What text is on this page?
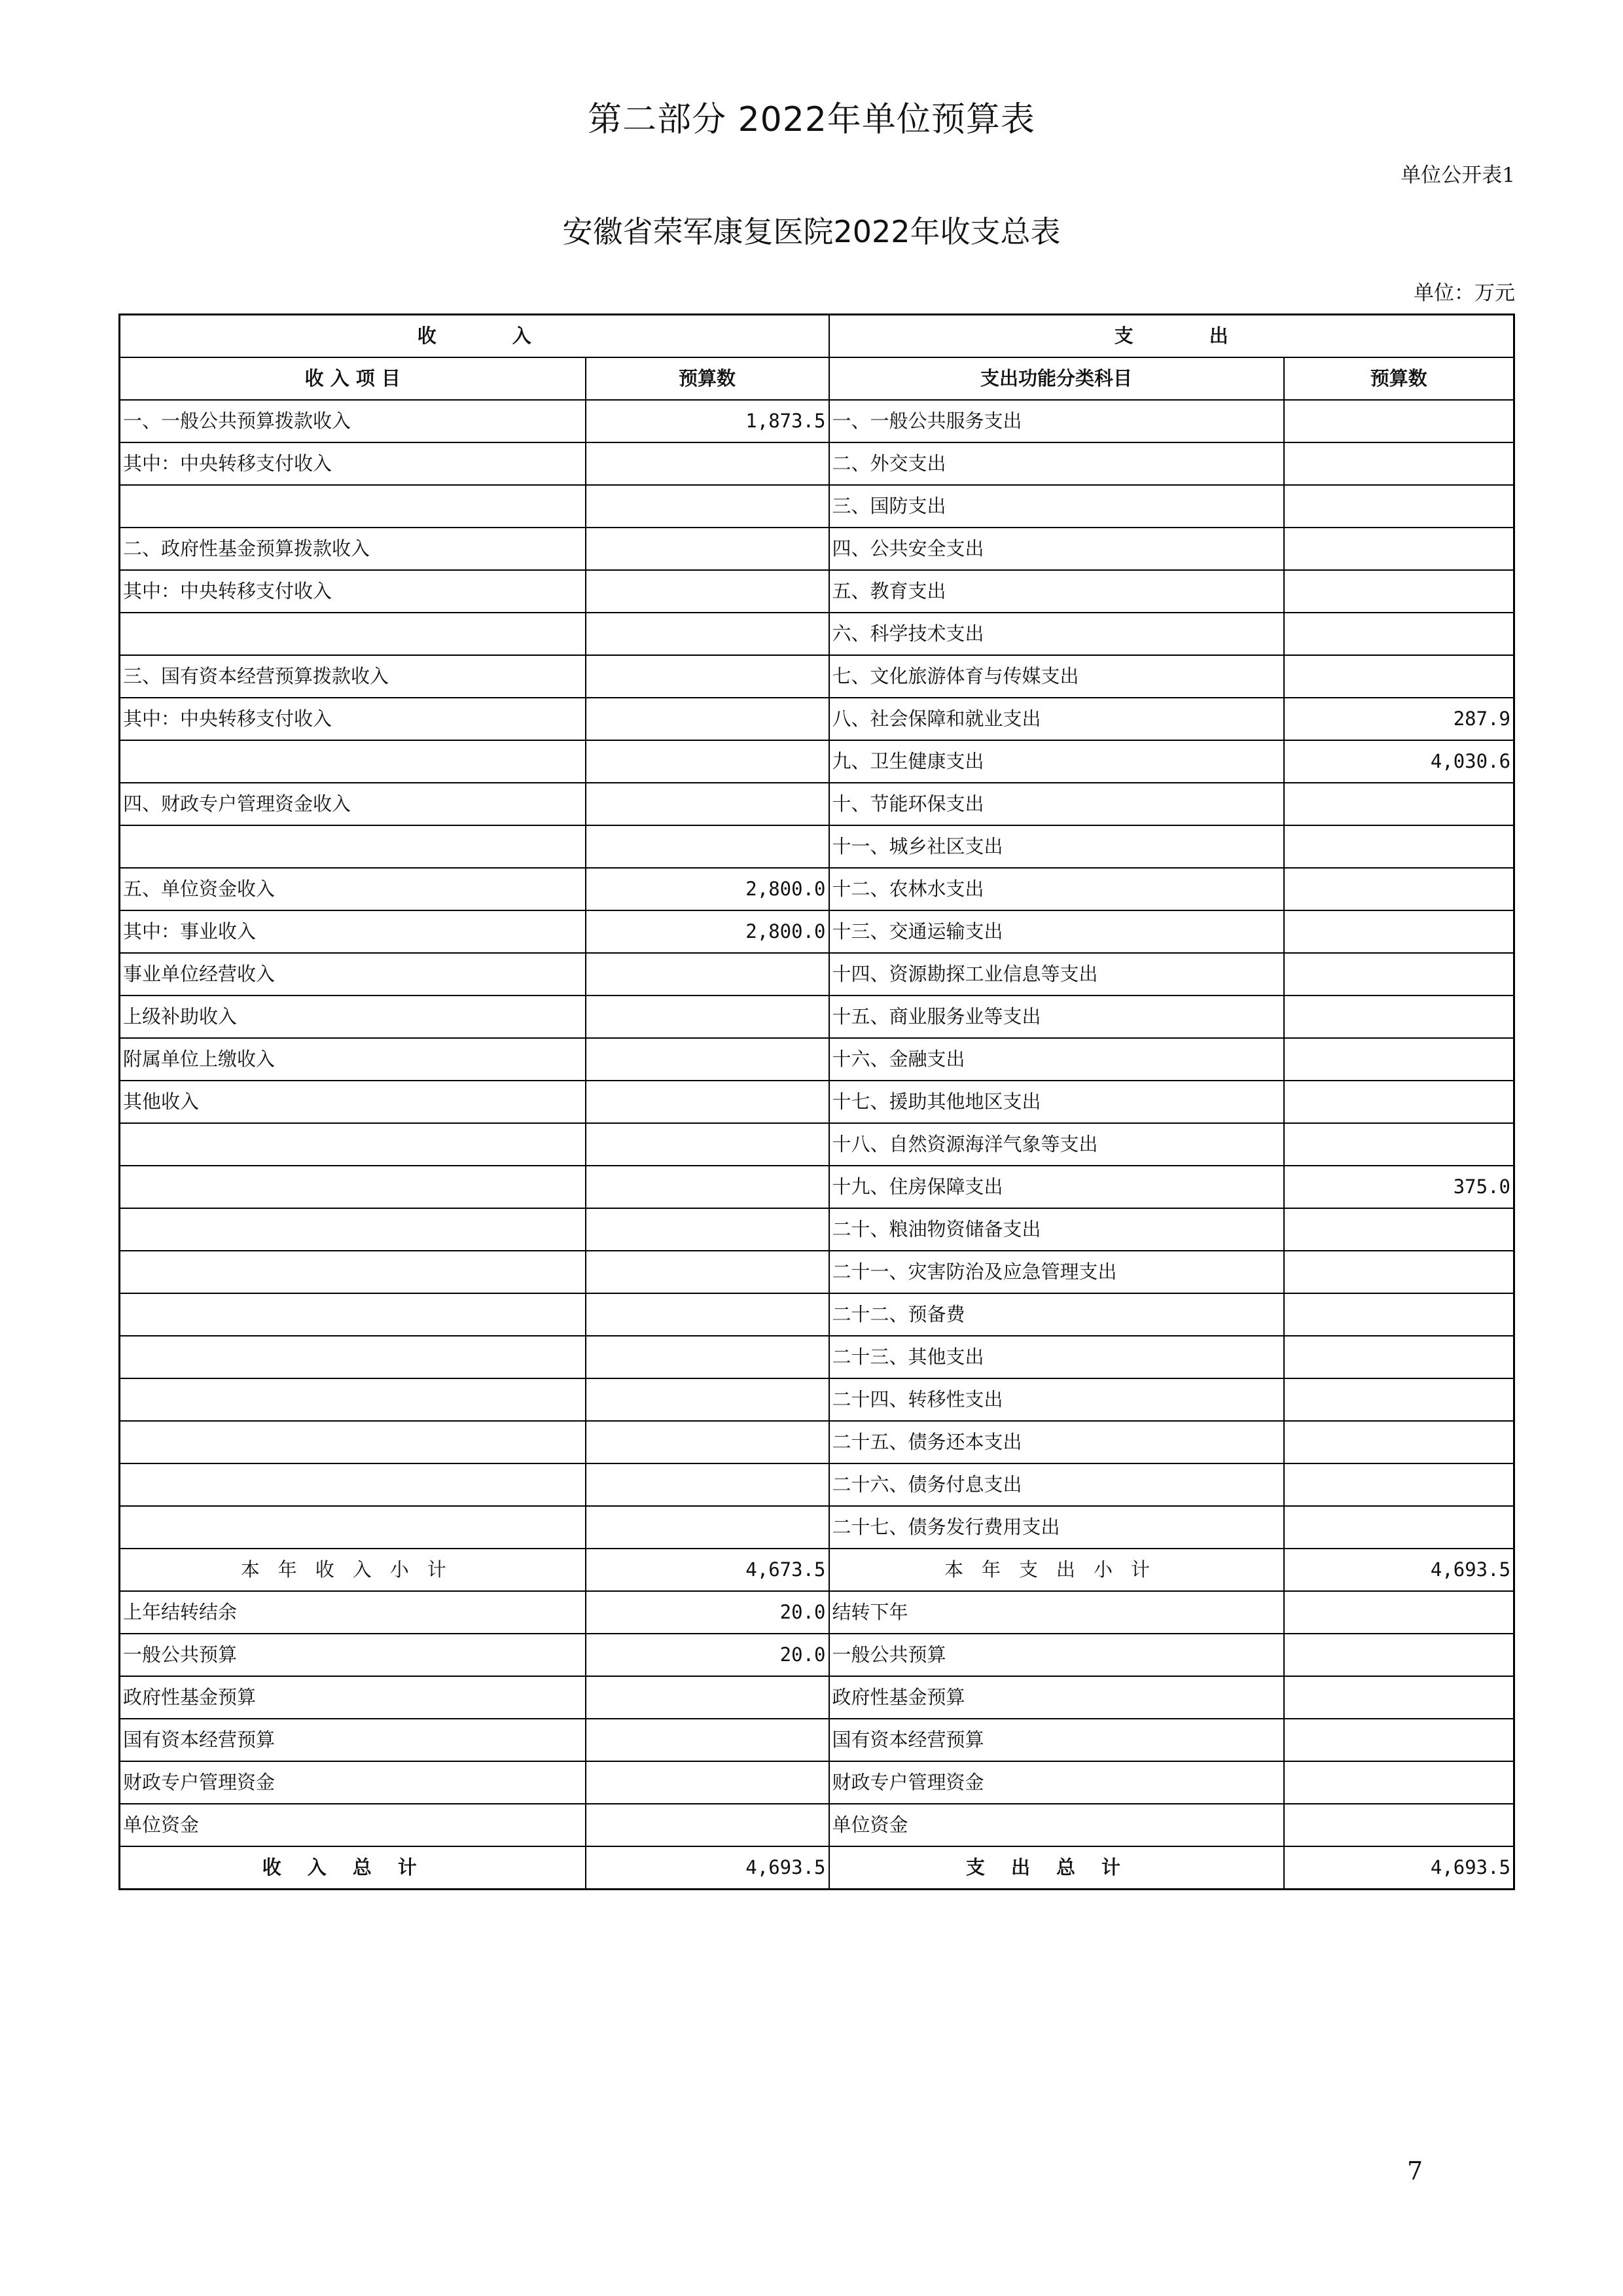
第二部分 2022年单位预算表
单位公开表1
安徽省荣军康复医院2022年收支总表
单位：万元
收　　　　入		支　　　　出	
收 入 项 目	预算数	支出功能分类科目	预算数
一、一般公共预算拨款收入	1,873.5	一、一般公共服务支出	
其中：中央转移支付收入		二、外交支出	
		三、国防支出	
二、政府性基金预算拨款收入		四、公共安全支出	
其中：中央转移支付收入		五、教育支出	
		六、科学技术支出	
三、国有资本经营预算拨款收入		七、文化旅游体育与传媒支出	
其中：中央转移支付收入		八、社会保障和就业支出	287.9
		九、卫生健康支出	4,030.6
四、财政专户管理资金收入		十、节能环保支出	
		十一、城乡社区支出	
五、单位资金收入	2,800.0	十二、农林水支出	
其中：事业收入	2,800.0	十三、交通运输支出	
事业单位经营收入		十四、资源勘探工业信息等支出	
上级补助收入		十五、商业服务业等支出	
附属单位上缴收入		十六、金融支出	
其他收入		十七、援助其他地区支出	
		十八、自然资源海洋气象等支出	
		十九、住房保障支出	375.0
		二十、粮油物资储备支出	
		二十一、灾害防治及应急管理支出	
		二十二、预备费	
		二十三、其他支出	
		二十四、转移性支出	
		二十五、债务还本支出	
		二十六、债务付息支出	
		二十七、债务发行费用支出	
本年收入小计	4,673.5	本年支出小计	4,693.5
上年结转结余	20.0	结转下年	
一般公共预算	20.0	一般公共预算	
政府性基金预算		政府性基金预算	
国有资本经营预算		国有资本经营预算	
财政专户管理资金		财政专户管理资金	
单位资金		单位资金	
收入总计	4,693.5	支出总计	4,693.5
7
